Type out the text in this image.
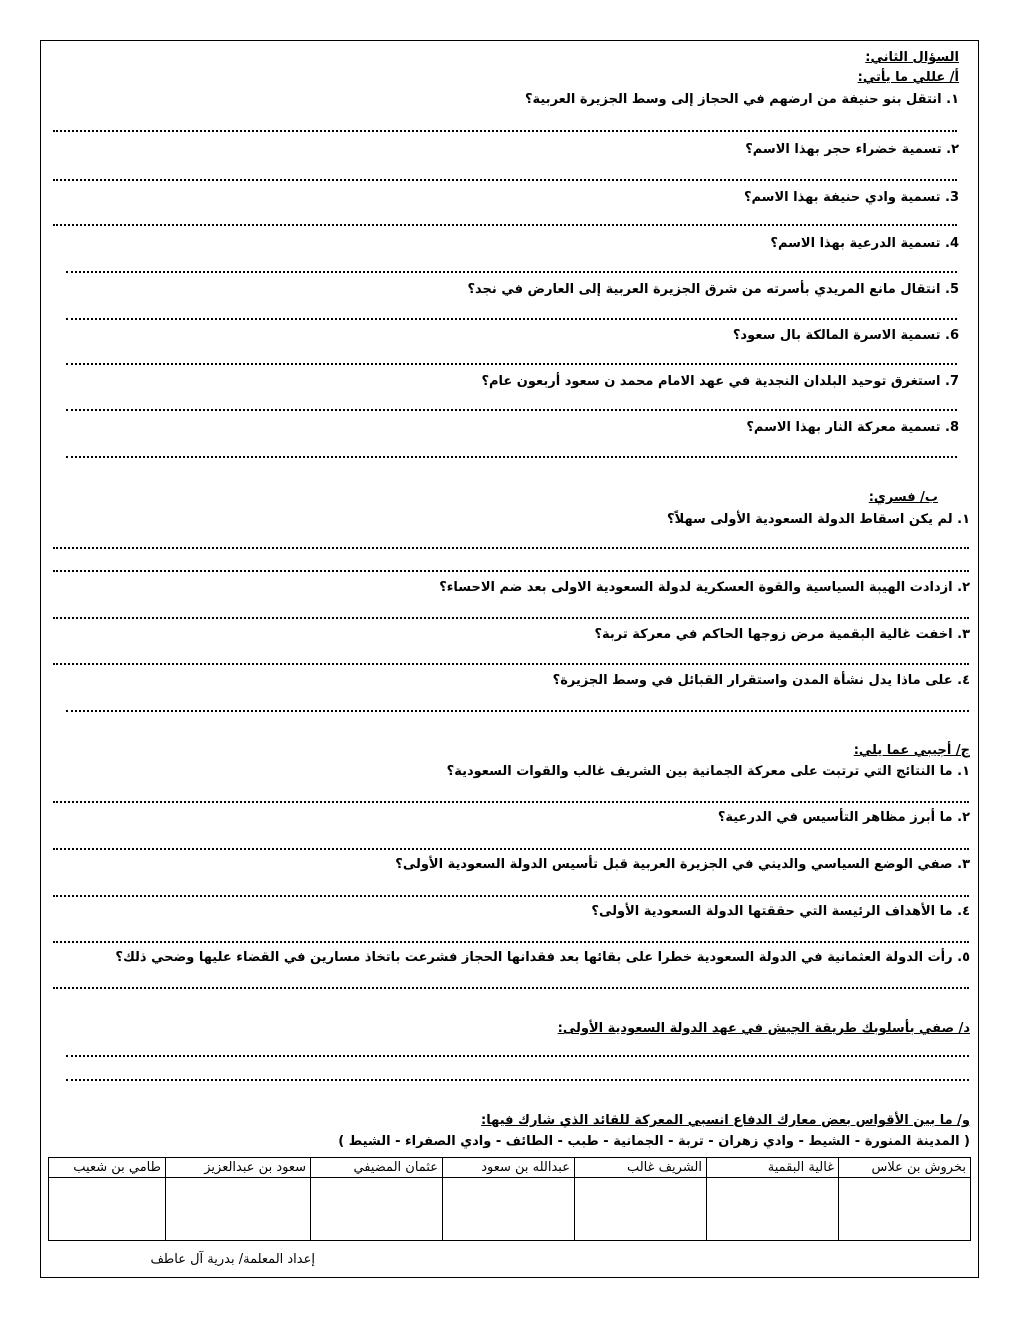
السؤال الثاني:
أ/ عللي ما يأتي:
١. انتقل بنو حنيفة من ارضهم في الحجاز إلى وسط الجزيرة العربية؟
٢. تسمية خضراء حجر بهذا الاسم؟
3. تسمية وادي حنيفة بهذا الاسم؟
4. تسمية الدرعية بهذا الاسم؟
5. انتقال مانع المريدي بأسرته من شرق الجزيرة العربية إلى العارض في نجد؟
6. تسمية الاسرة المالكة بال سعود؟
7. استغرق توحيد البلدان النجدية في عهد الامام محمد ن سعود أربعون عام؟
8. تسمية معركة النار بهذا الاسم؟
ب/ فسري:
١. لم يكن اسقاط الدولة السعودية الأولى سهلاً؟
٢. ازدادت الهيبة السياسية والقوة العسكرية لدولة السعودية الاولى بعد ضم الاحساء؟
٣. اخفت غالية البقمية مرض زوجها الحاكم في معركة تربة؟
٤. على ماذا يدل نشأة المدن واستقرار القبائل في وسط الجزيرة؟
ج/ أجيبي عما يلي:
١. ما النتائج التي ترتبت على معركة الجمانية بين الشريف غالب والقوات السعودية؟
٢. ما أبرز مظاهر التأسيس في الدرعية؟
٣. صفي الوضع السياسي والديني في الجزيرة العربية قبل تأسيس الدولة السعودية الأولى؟
٤. ما الأهداف الرئيسة التي حققتها الدولة السعودية الأولى؟
٥. رأت الدولة العثمانية في الدولة السعودية خطرا على بقائها بعد فقدانها الحجاز فشرعت باتخاذ مسارين في القضاء عليها وضحي ذلك؟
د/ صفي بأسلوبك طريقة الجيش في عهد الدولة السعودية الأولى:
و/ ما بين الأقواس بعض معارك الدفاع انسبي المعركة للقائد الذي شارك فيها:
( المدينة المنورة - الشيط - وادي زهران - تربة - الجمانية - طبب - الطائف - وادي الصفراء - الشيط )
بخروش بن علاس	غالية البقمية	الشريف غالب	عبدالله بن سعود	عثمان المضيفي	سعود بن عبدالعزيز	طامي بن شعيب

إعداد المعلمة/ بدرية آل عاطف
